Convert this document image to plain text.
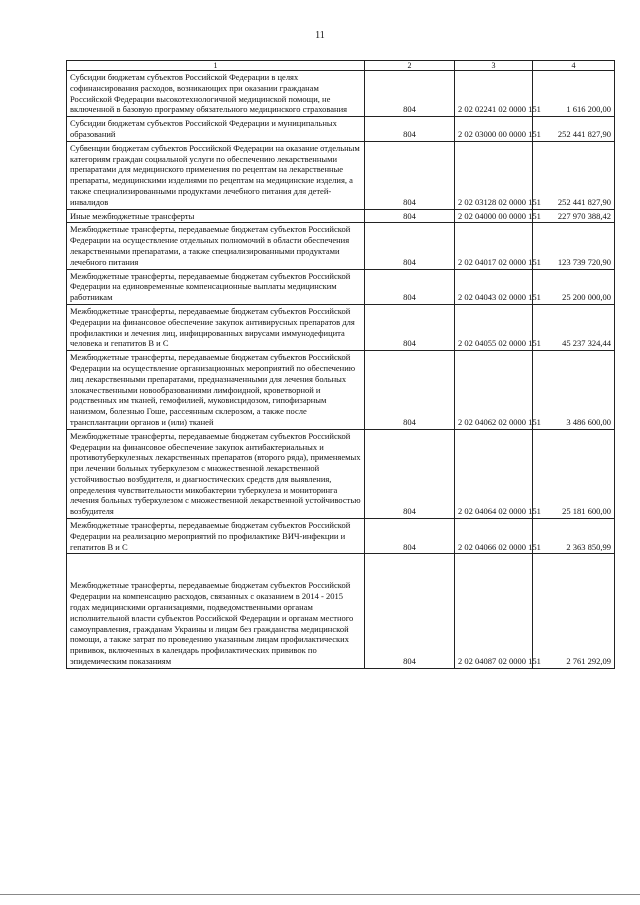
11
1	2	3	4
Субсидии бюджетам субъектов Российской Федерации в целях софинансирования расходов, возникающих при оказании гражданам Российской Федерации высокотехнологичной медицинской помощи, не включенной в базовую программу обязательного медицинского страхования	804	2 02 02241 02 0000 151	1 616 200,00
Субсидии бюджетам субъектов Российской Федерации и муниципальных образований	804	2 02 03000 00 0000 151	252 441 827,90
Субвенции бюджетам субъектов Российской Федерации на оказание отдельным категориям граждан социальной услуги по обеспечению лекарственными препаратами для медицинского применения по рецептам на лекарственные препараты, медицинскими изделиями по рецептам на медицинские изделия, а также специализированными продуктами лечебного питания для детей-инвалидов	804	2 02 03128 02 0000 151	252 441 827,90
Иные межбюджетные трансферты	804	2 02 04000 00 0000 151	227 970 388,42
Межбюджетные трансферты, передаваемые бюджетам субъектов Российской Федерации на осуществление отдельных полномочий в области обеспечения лекарственными препаратами, а также специализированными продуктами лечебного питания	804	2 02 04017 02 0000 151	123 739 720,90
Межбюджетные трансферты, передаваемые бюджетам субъектов Российской Федерации на единовременные компенсационные выплаты медицинским работникам	804	2 02 04043 02 0000 151	25 200 000,00
Межбюджетные трансферты, передаваемые бюджетам субъектов Российской Федерации на финансовое обеспечение закупок антивирусных препаратов для профилактики и лечения лиц, инфицированных вирусами иммунодефицита человека и гепатитов В и С	804	2 02 04055 02 0000 151	45 237 324,44
Межбюджетные трансферты, передаваемые бюджетам субъектов Российской Федерации на осуществление организационных мероприятий по обеспечению лиц лекарственными препаратами, предназначенными для лечения больных злокачественными новообразованиями лимфоидной, кроветворной и родственных им тканей, гемофилией, муковисцидозом, гипофизарным нанизмом, болезнью Гоше, рассеянным склерозом, а также после трансплантации органов и (или) тканей	804	2 02 04062 02 0000 151	3 486 600,00
Межбюджетные трансферты, передаваемые бюджетам субъектов Российской Федерации на финансовое обеспечение закупок антибактериальных и противотуберкулезных лекарственных препаратов (второго ряда), применяемых при лечении больных туберкулезом с множественной лекарственной устойчивостью возбудителя, и диагностических средств для выявления, определения чувствительности микобактерии туберкулеза и мониторинга лечения больных туберкулезом с множественной лекарственной устойчивостью возбудителя	804	2 02 04064 02 0000 151	25 181 600,00
Межбюджетные трансферты, передаваемые бюджетам субъектов Российской Федерации на реализацию мероприятий по профилактике ВИЧ-инфекции и гепатитов В и С	804	2 02 04066 02 0000 151	2 363 850,99
Межбюджетные трансферты, передаваемые бюджетам субъектов Российской Федерации на компенсацию расходов, связанных с оказанием в 2014 - 2015 годах медицинскими организациями, подведомственными органам исполнительной власти субъектов Российской Федерации и органам местного самоуправления, гражданам Украины и лицам без гражданства медицинской помощи, а также затрат по проведению указанным лицам профилактических прививок, включенных в календарь профилактических прививок по эпидемическим показаниям	804	2 02 04087 02 0000 151	2 761 292,09
